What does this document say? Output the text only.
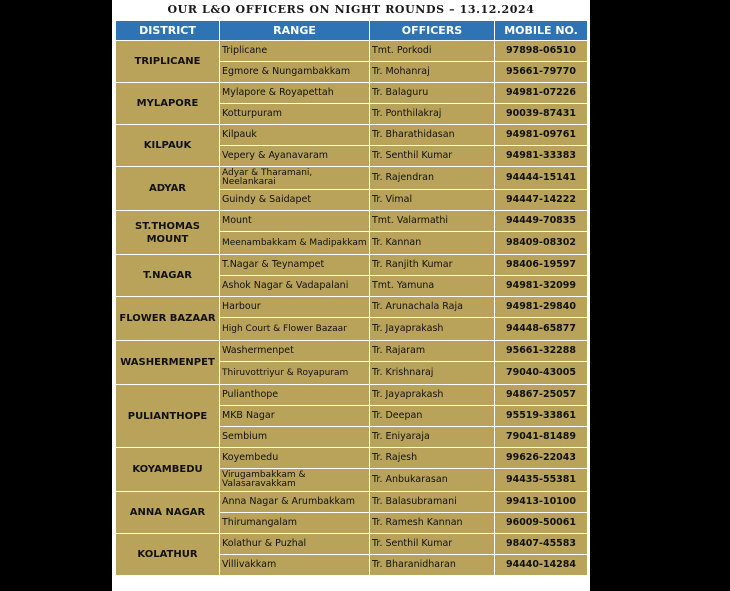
OUR L&O OFFICERS ON NIGHT ROUNDS – 13.12.2024
DISTRICT	RANGE	OFFICERS	MOBILE NO.
TRIPLICANE	Triplicane	Tmt. Porkodi	97898-06510
	Egmore & Nungambakkam	Tr. Mohanraj	95661-79770
MYLAPORE	Mylapore & Royapettah	Tr. Balaguru	94981-07226
	Kotturpuram	Tr. Ponthilakraj	90039-87431
KILPAUK	Kilpauk	Tr. Bharathidasan	94981-09761
	Vepery & Ayanavaram	Tr. Senthil Kumar	94981-33383
ADYAR	Adyar & Tharamani, Neelankarai	Tr. Rajendran	94444-15141
	Guindy & Saidapet	Tr. Vimal	94447-14222
ST.THOMAS MOUNT	Mount	Tmt. Valarmathi	94449-70835
	Meenambakkam & Madipakkam	Tr. Kannan	98409-08302
T.NAGAR	T.Nagar & Teynampet	Tr. Ranjith Kumar	98406-19597
	Ashok Nagar & Vadapalani	Tmt. Yamuna	94981-32099
FLOWER BAZAAR	Harbour	Tr. Arunachala Raja	94981-29840
	High Court & Flower Bazaar	Tr. Jayaprakash	94448-65877
WASHERMENPET	Washermenpet	Tr. Rajaram	95661-32288
	Thiruvottriyur & Royapuram	Tr. Krishnaraj	79040-43005
PULIANTHOPE	Pulianthope	Tr. Jayaprakash	94867-25057
	MKB Nagar	Tr. Deepan	95519-33861
	Sembium	Tr. Eniyaraja	79041-81489
KOYAMBEDU	Koyembedu	Tr. Rajesh	99626-22043
	Virugambakkam & Valasaravakkam	Tr. Anbukarasan	94435-55381
ANNA NAGAR	Anna Nagar & Arumbakkam	Tr. Balasubramani	99413-10100
	Thirumangalam	Tr. Ramesh Kannan	96009-50061
KOLATHUR	Kolathur & Puzhal	Tr. Senthil Kumar	98407-45583
	Villivakkam	Tr. Bharanidharan	94440-14284
